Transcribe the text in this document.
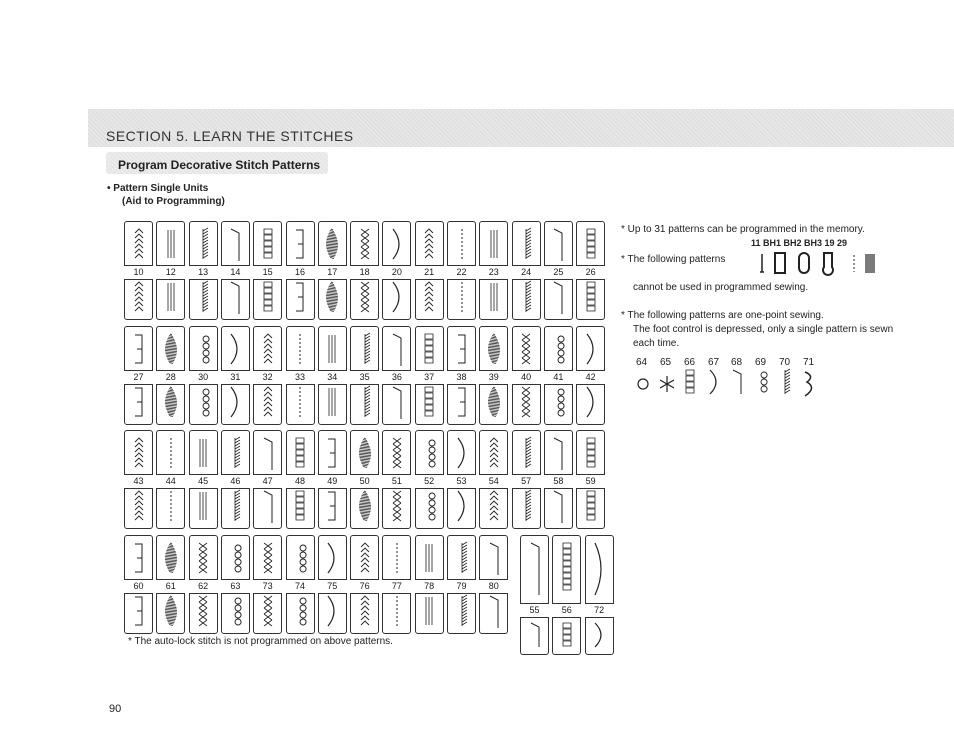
SECTION 5. LEARN THE STITCHES
Program Decorative Stitch Patterns
• Pattern Single Units
(Aid to Programming)
10	12	13	14	15	16	17	18	20	21	22	23	24	25	26
27	28	30	31	32	33	34	35	36	37	38	39	40	41	42
43	44	45	46	47	48	49	50	51	52	53	54	57	58	59
60	61	62	63	73	74	75	76	77	78	79	80
55	56	72
* Up to 31 patterns can be programmed in the memory.
11 BH1 BH2 BH3 19 29
* The following patterns
cannot be used in programmed sewing.
* The following patterns are one-point sewing.
The foot control is depressed, only a single pattern is sewn
each time.
64 65 66 67 68 69 70 71
* The auto-lock stitch is not programmed on above patterns.
90
